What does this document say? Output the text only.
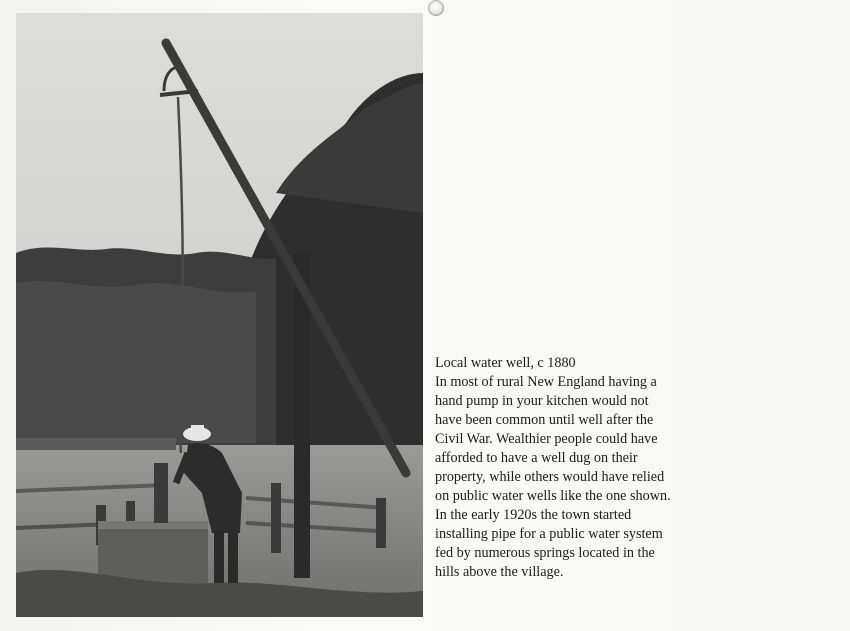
Local water well, c 1880

In most of rural New England having a hand pump in your kitchen would not have been common until well after the Civil War. Wealthier people could have afforded to have a well dug on their property, while others would have relied on public water wells like the one shown. In the early 1920s the town started installing pipe for a public water system fed by numerous springs located in the hills above the village.
